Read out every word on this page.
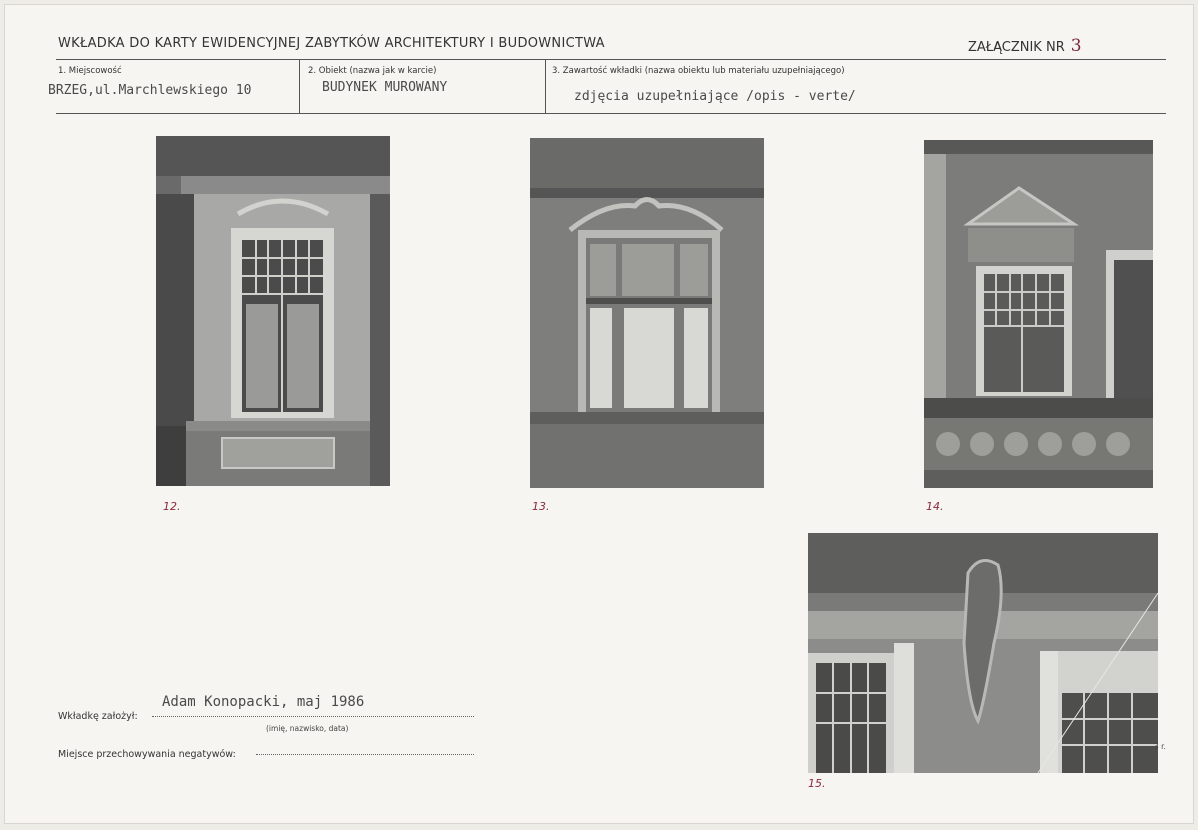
WKŁADKA DO KARTY EWIDENCYJNEJ ZABYTKÓW ARCHITEKTURY I BUDOWNICTWA	ZAŁĄCZNIK NR 3
1. Miejscowość
BRZEG,ul.Marchlewskiego 10
2. Obiekt (nazwa jak w karcie)
BUDYNEK MUROWANY
3. Zawartość wkładki (nazwa obiektu lub materiału uzupełniającego)
zdjęcia uzupełniające /opis - verte/
3 r.
12.	13.	14.
15.
Wkładkę założył:
Adam Konopacki, maj 1986
(imię, nazwisko, data)
Miejsce przechowywania negatywów:
